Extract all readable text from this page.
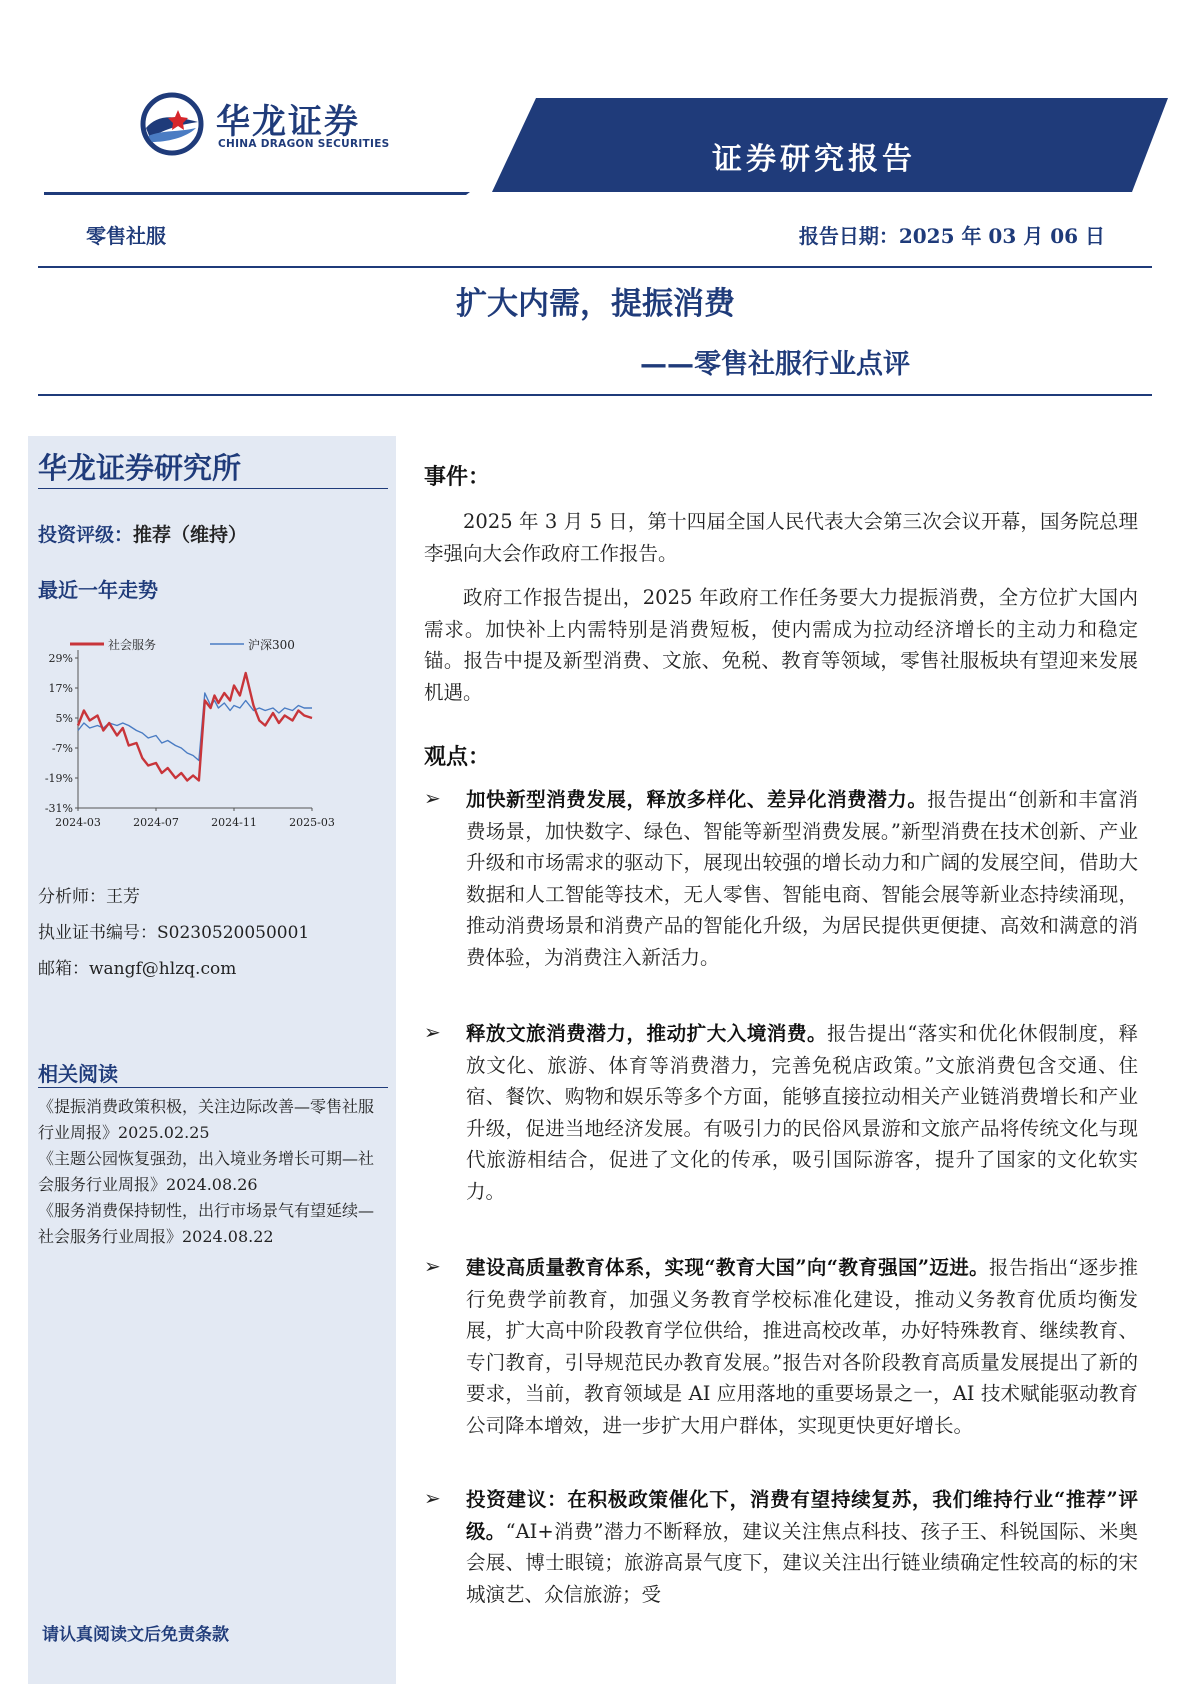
华龙证券
CHINA DRAGON SECURITIES	证券研究报告
零售社服	报告日期：2025 年 03 月 06 日
扩大内需，提振消费
——零售社服行业点评
华龙证券研究所
投资评级：推荐（维持）
最近一年走势
社会服务	沪深300
29%
17%
5%
-7%
-19%
-31%
2024-03	2024-07	2024-11	2025-03
分析师：王芳
执业证书编号：S0230520050001
邮箱：wangf@hlzq.com
相关阅读
《提振消费政策积极，关注边际改善—零售社服行业周报》2025.02.25
《主题公园恢复强劲，出入境业务增长可期—社会服务行业周报》2024.08.26
《服务消费保持韧性，出行市场景气有望延续—社会服务行业周报》2024.08.22
请认真阅读文后免责条款
事件：
2025 年 3 月 5 日，第十四届全国人民代表大会第三次会议开幕，国务院总理李强向大会作政府工作报告。
政府工作报告提出，2025 年政府工作任务要大力提振消费，全方位扩大国内需求。加快补上内需特别是消费短板，使内需成为拉动经济增长的主动力和稳定锚。报告中提及新型消费、文旅、免税、教育等领域，零售社服板块有望迎来发展机遇。
观点：
➢ 加快新型消费发展，释放多样化、差异化消费潜力。报告提出“创新和丰富消费场景，加快数字、绿色、智能等新型消费发展。”新型消费在技术创新、产业升级和市场需求的驱动下，展现出较强的增长动力和广阔的发展空间，借助大数据和人工智能等技术，无人零售、智能电商、智能会展等新业态持续涌现，推动消费场景和消费产品的智能化升级，为居民提供更便捷、高效和满意的消费体验，为消费注入新活力。
➢ 释放文旅消费潜力，推动扩大入境消费。报告提出“落实和优化休假制度，释放文化、旅游、体育等消费潜力，完善免税店政策。”文旅消费包含交通、住宿、餐饮、购物和娱乐等多个方面，能够直接拉动相关产业链消费增长和产业升级，促进当地经济发展。有吸引力的民俗风景游和文旅产品将传统文化与现代旅游相结合，促进了文化的传承，吸引国际游客，提升了国家的文化软实力。
➢ 建设高质量教育体系，实现“教育大国”向“教育强国”迈进。报告指出“逐步推行免费学前教育，加强义务教育学校标准化建设，推动义务教育优质均衡发展，扩大高中阶段教育学位供给，推进高校改革，办好特殊教育、继续教育、专门教育，引导规范民办教育发展。”报告对各阶段教育高质量发展提出了新的要求，当前，教育领域是 AI 应用落地的重要场景之一，AI 技术赋能驱动教育公司降本增效，进一步扩大用户群体，实现更快更好增长。
➢ 投资建议：在积极政策催化下，消费有望持续复苏，我们维持行业“推荐”评级。“AI+消费”潜力不断释放，建议关注焦点科技、孩子王、科锐国际、米奥会展、博士眼镜；旅游高景气度下，建议关注出行链业绩确定性较高的标的宋城演艺、众信旅游；受
